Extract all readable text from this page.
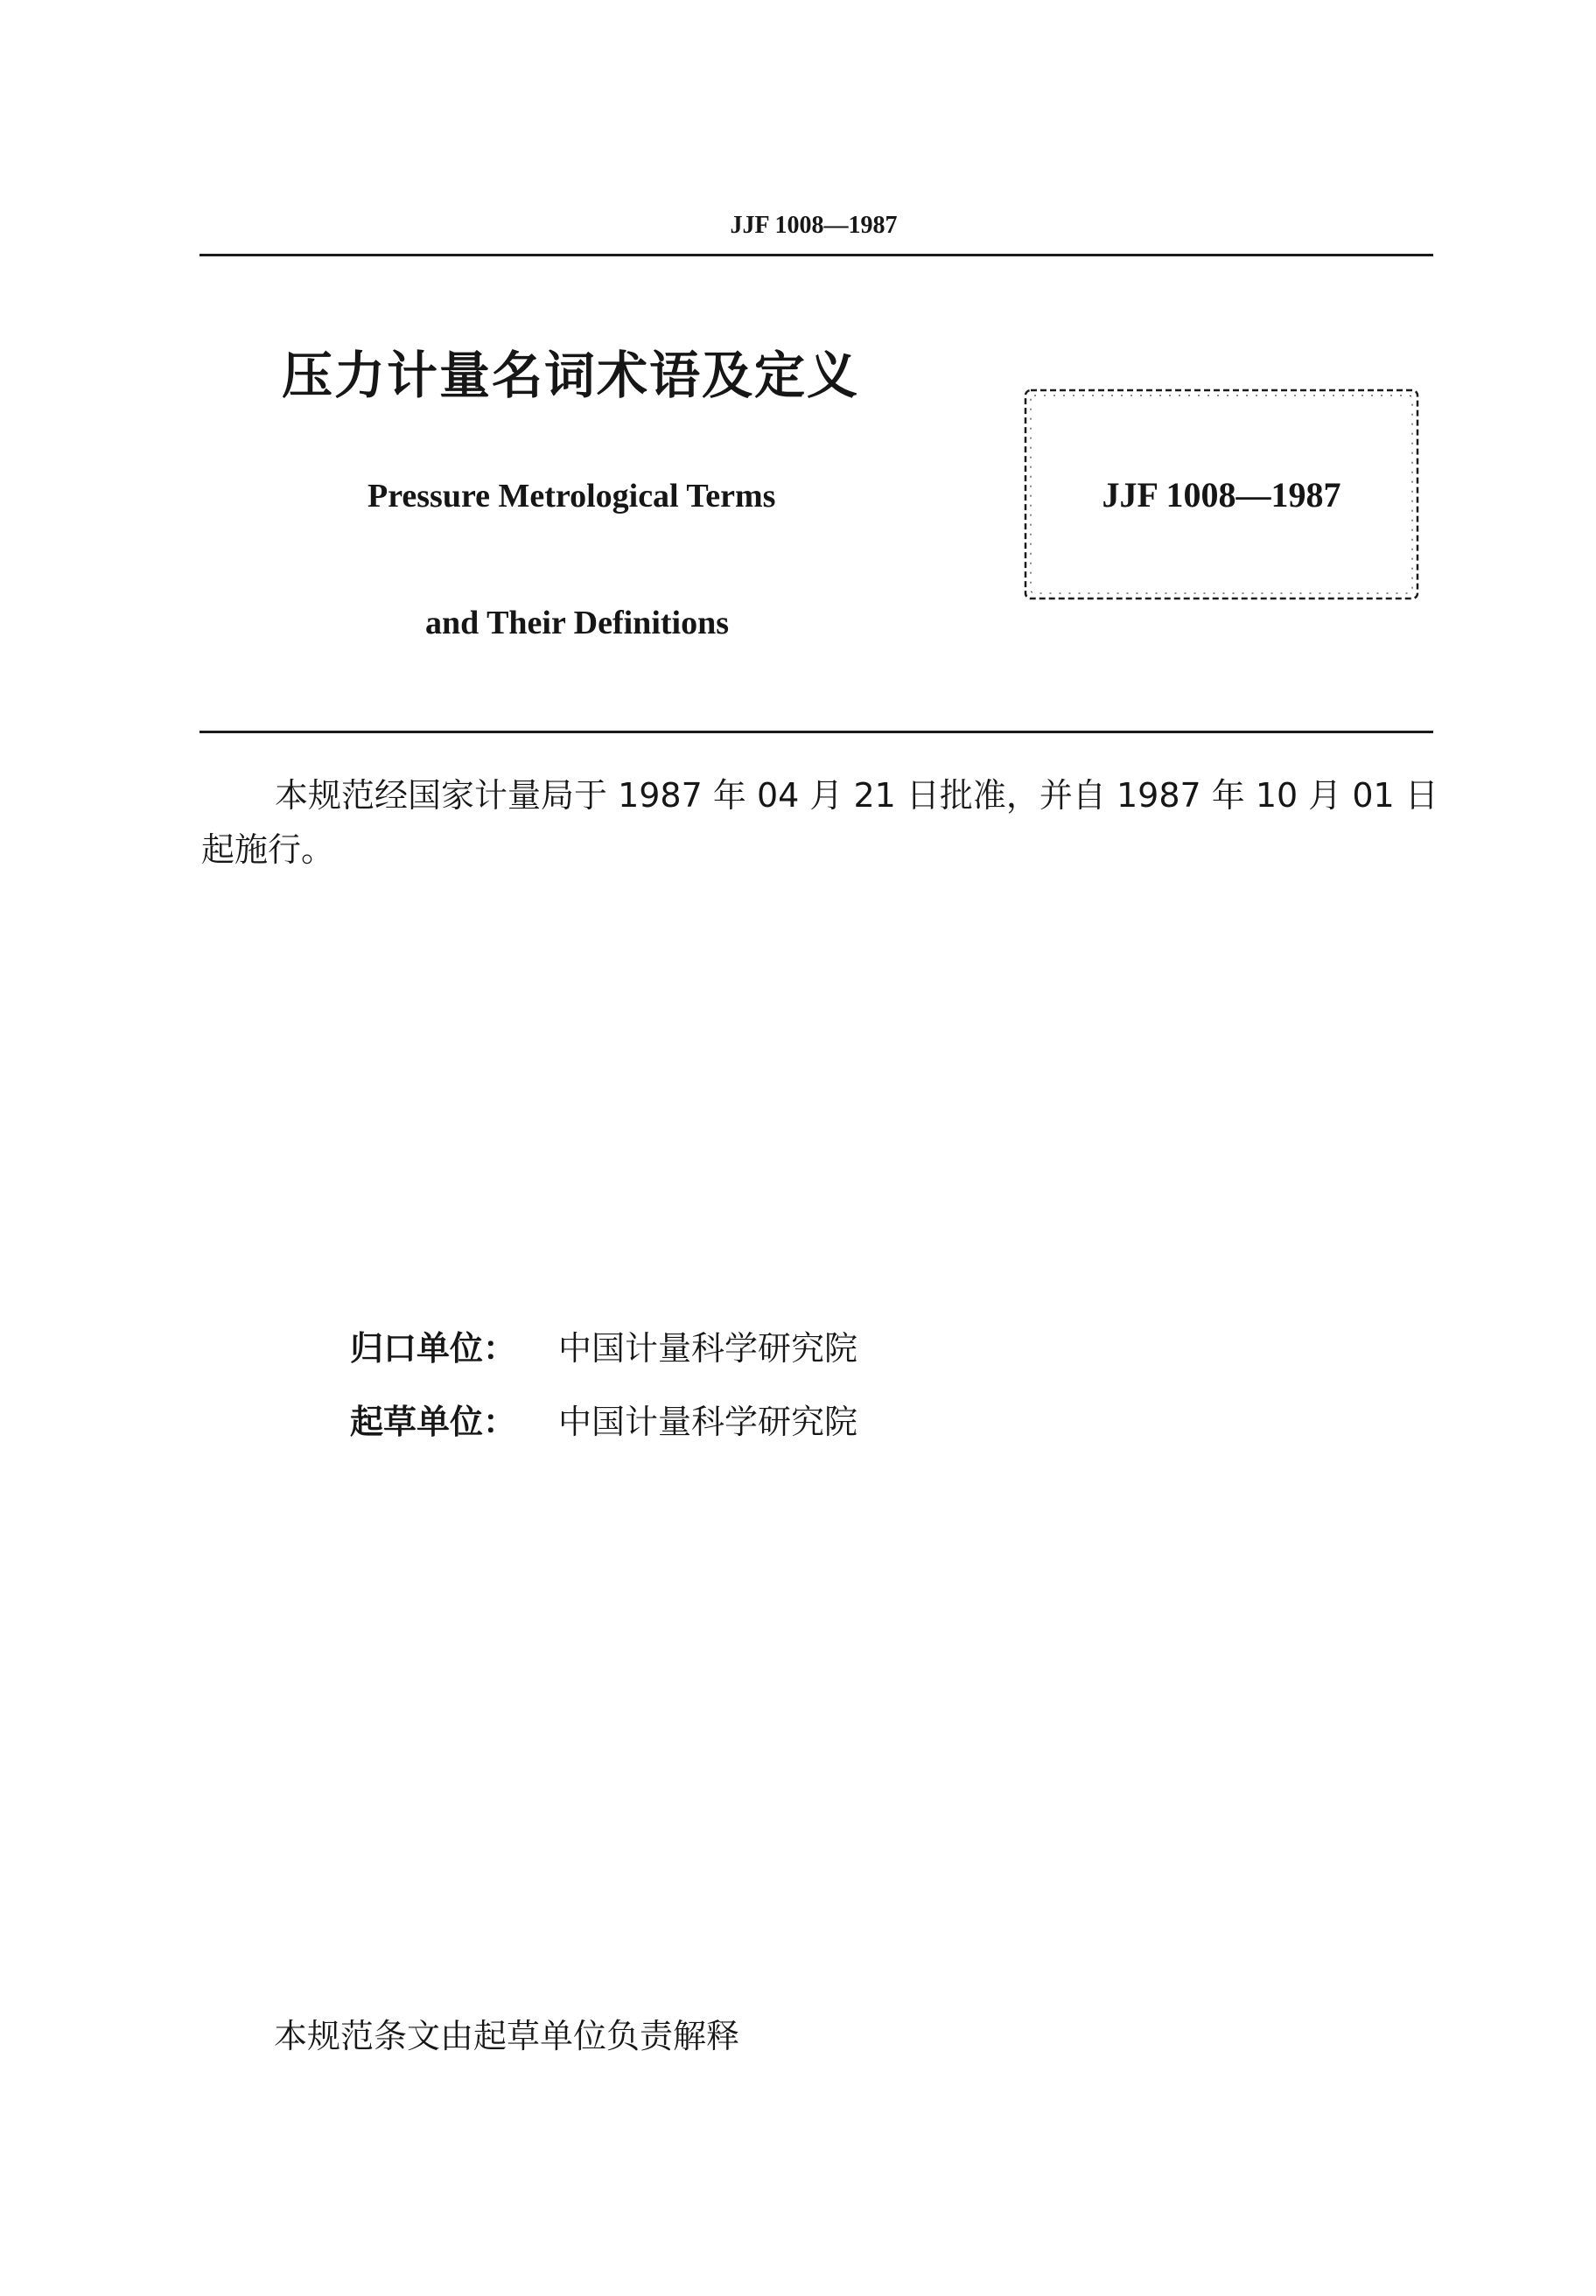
JJF 1008—1987
压力计量名词术语及定义
Pressure Metrological Terms
and Their Definitions
JJF 1008—1987

本规范经国家计量局于 1987 年 04 月 21 日批准，并自 1987 年 10 月 01 日起施行。

归口单位： 中国计量科学研究院
起草单位： 中国计量科学研究院
本规范条文由起草单位负责解释
